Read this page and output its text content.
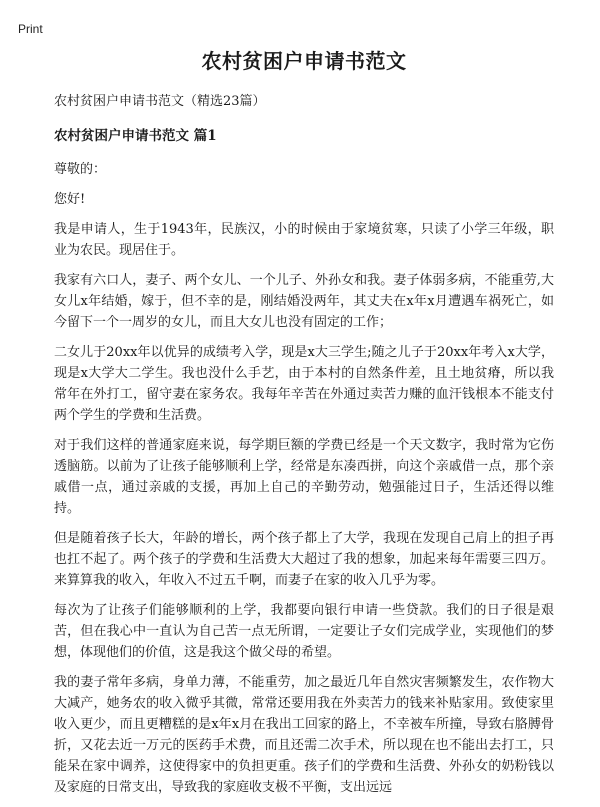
Print
农村贫困户申请书范文
农村贫困户申请书范文（精选23篇）
农村贫困户申请书范文 篇1

尊敬的：

您好!

我是申请人，生于1943年，民族汉，小的时候由于家境贫寒，只读了小学三年级，职业为农民。现居住于。

我家有六口人，妻子、两个女儿、一个儿子、外孙女和我。妻子体弱多病，不能重劳,大女儿x年结婚，嫁于，但不幸的是，刚结婚没两年，其丈夫在x年x月遭遇车祸死亡，如今留下一个一周岁的女儿，而且大女儿也没有固定的工作；

二女儿于20xx年以优异的成绩考入学，现是x大三学生;随之儿子于20xx年考入x大学，现是x大学大二学生。我也没什么手艺，由于本村的自然条件差，且土地贫瘠，所以我常年在外打工，留守妻在家务农。我每年辛苦在外通过卖苦力赚的血汗钱根本不能支付两个学生的学费和生活费。

对于我们这样的普通家庭来说，每学期巨额的学费已经是一个天文数字，我时常为它伤透脑筋。以前为了让孩子能够顺利上学，经常是东凑西拼，向这个亲戚借一点，那个亲戚借一点，通过亲戚的支援，再加上自己的辛勤劳动，勉强能过日子，生活还得以维持。

但是随着孩子长大，年龄的增长，两个孩子都上了大学，我现在发现自己肩上的担子再也扛不起了。两个孩子的学费和生活费大大超过了我的想象，加起来每年需要三四万。来算算我的收入，年收入不过五千啊，而妻子在家的收入几乎为零。

每次为了让孩子们能够顺利的上学，我都要向银行申请一些贷款。我们的日子很是艰苦，但在我心中一直认为自己苦一点无所谓，一定要让子女们完成学业，实现他们的梦想，体现他们的价值，这是我这个做父母的希望。

我的妻子常年多病，身单力薄，不能重劳，加之最近几年自然灾害频繁发生，农作物大大减产，她务农的收入微乎其微，常常还要用我在外卖苦力的钱来补贴家用。致使家里收入更少，而且更糟糕的是x年x月在我出工回家的路上，不幸被车所撞，导致右胳膊骨折，又花去近一万元的医药手术费，而且还需二次手术，所以现在也不能出去打工，只能呆在家中调养，这使得家中的负担更重。孩子们的学费和生活费、外孙女的奶粉钱以及家庭的日常支出，导致我的家庭收支极不平衡，支出远远
